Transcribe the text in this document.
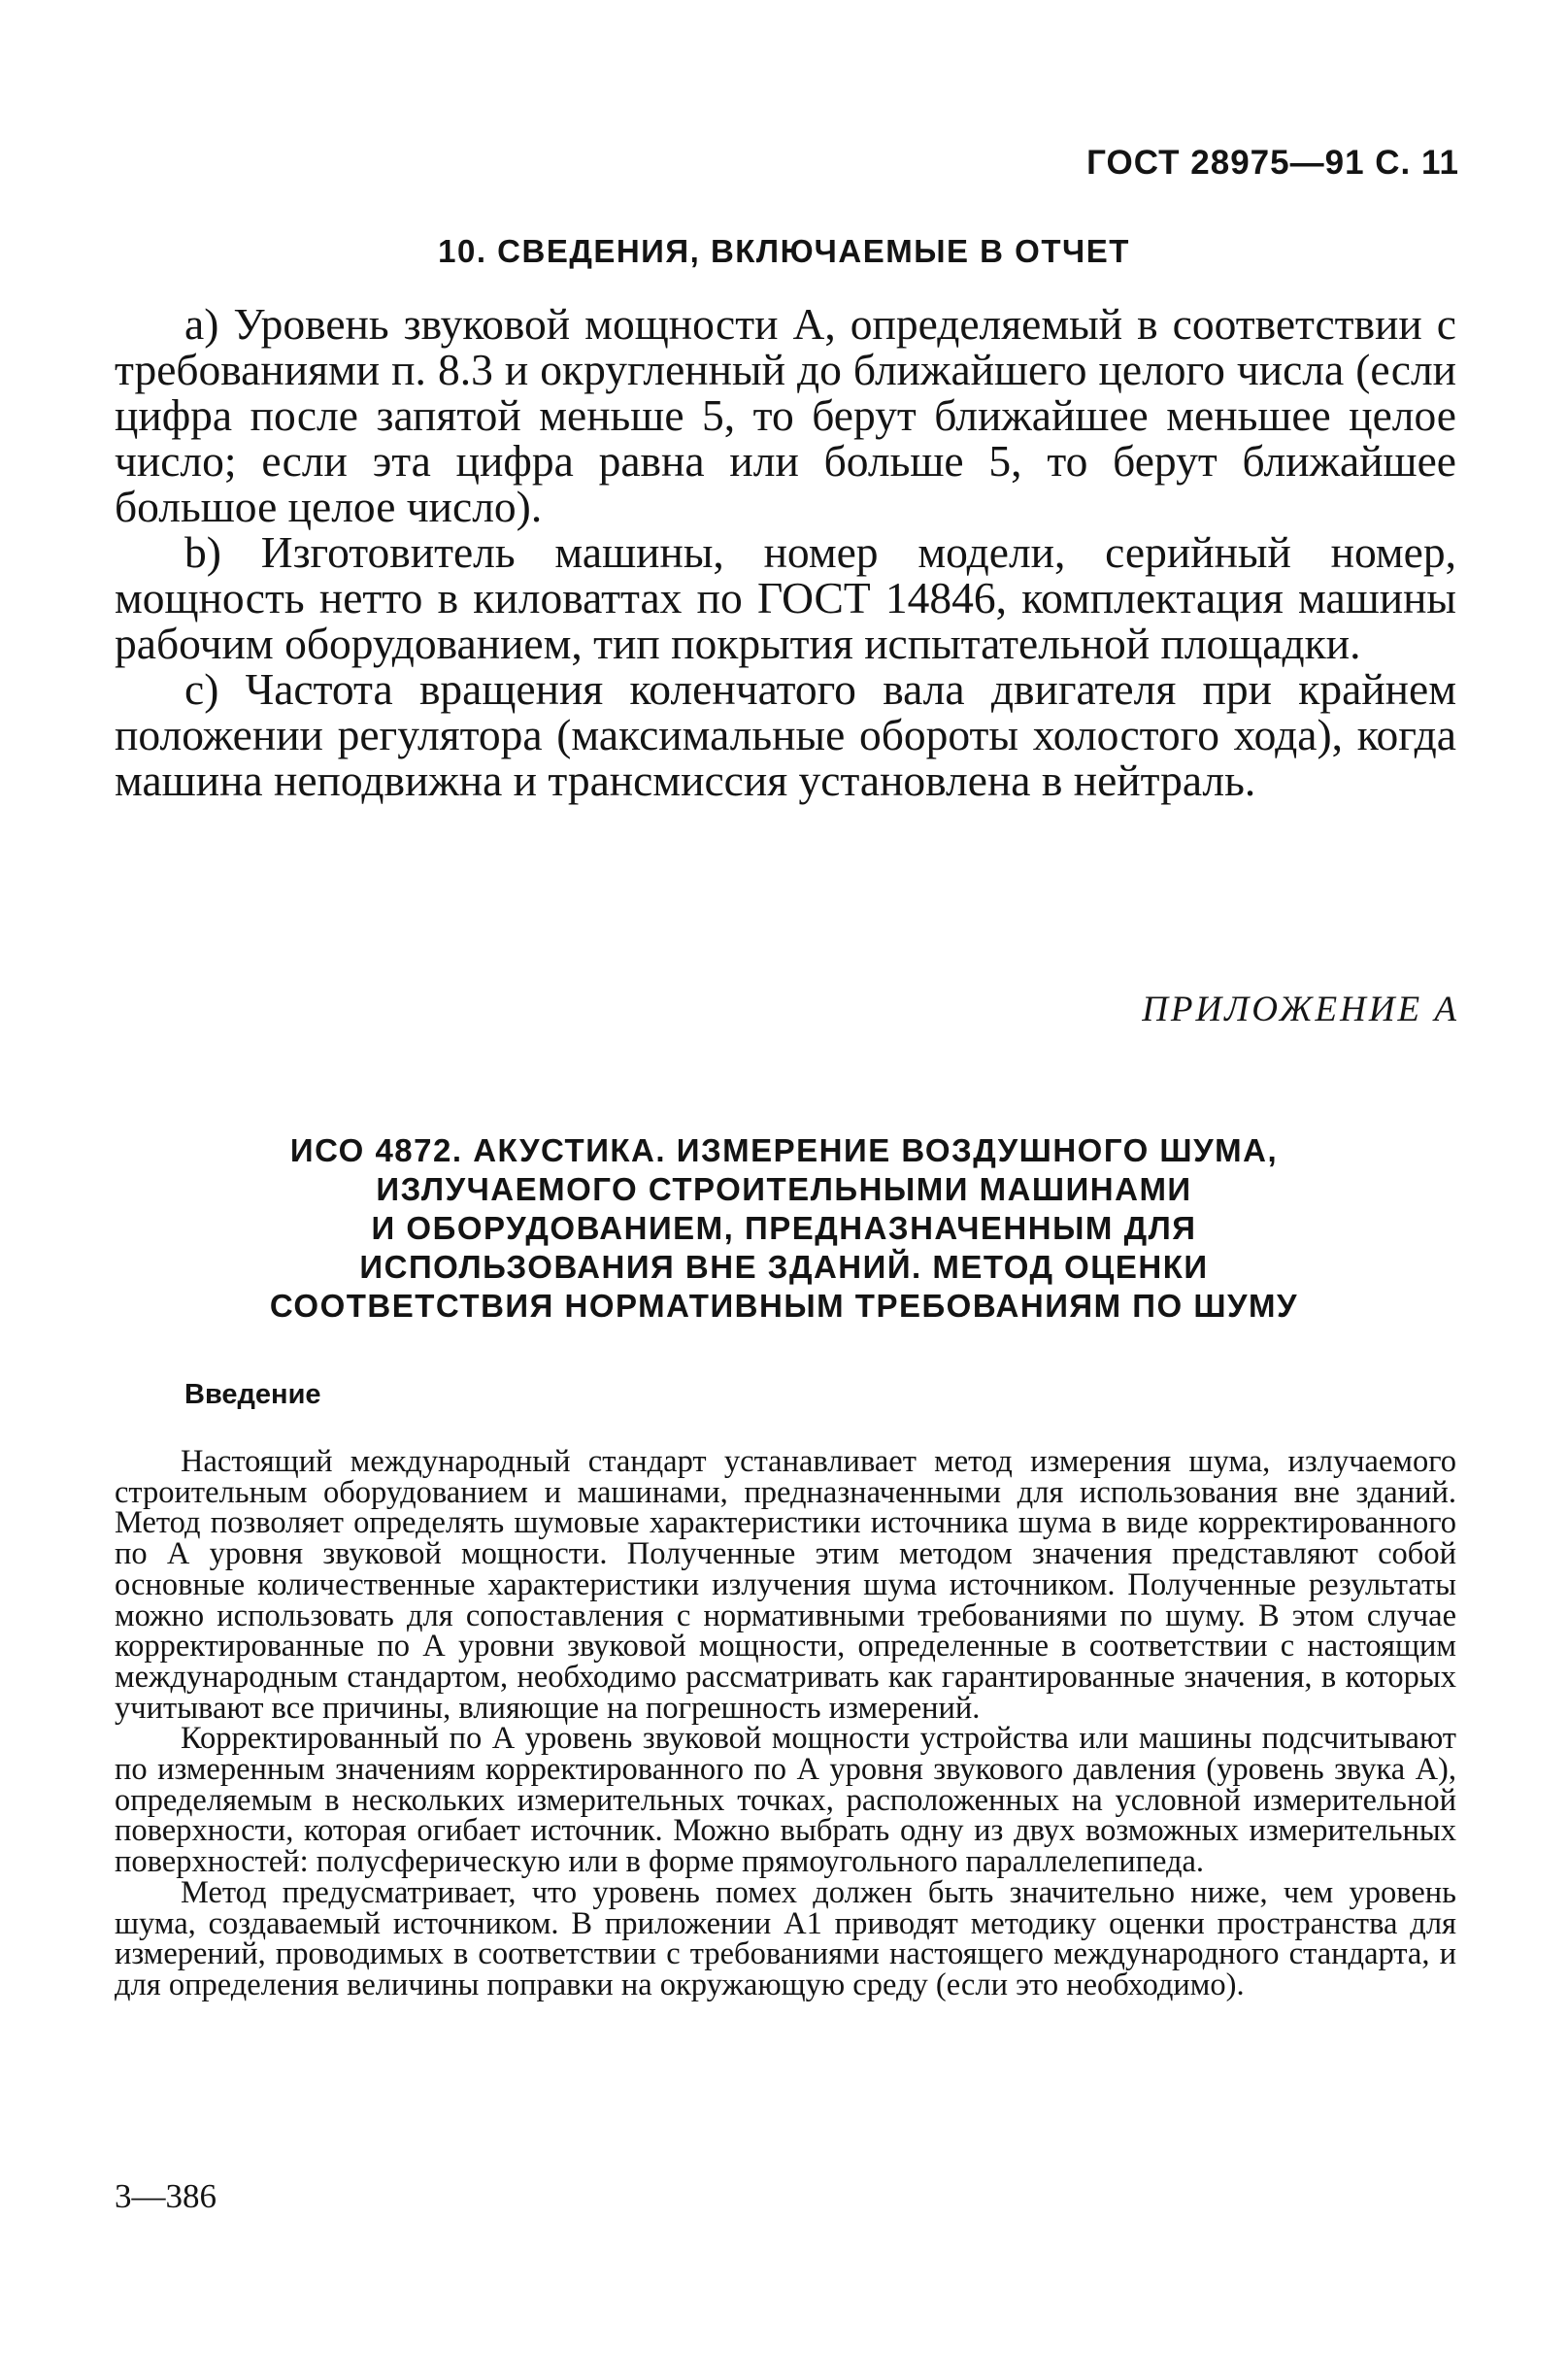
ГОСТ 28975—91 С. 11

10. СВЕДЕНИЯ, ВКЛЮЧАЕМЫЕ В ОТЧЕТ
а) Уровень звуковой мощности А, определяемый в соответствии с требованиями п. 8.3 и округленный до ближайшего целого числа (если цифра после запятой меньше 5, то берут ближайшее меньшее целое число; если эта цифра равна или больше 5, то берут ближайшее большое целое число).
b) Изготовитель машины, номер модели, серийный номер, мощность нетто в киловаттах по ГОСТ 14846, комплектация машины рабочим оборудованием, тип покрытия испытательной площадки.
с) Частота вращения коленчатого вала двигателя при крайнем положении регулятора (максимальные обороты холостого хода), когда машина неподвижна и трансмиссия установлена в нейтраль.

ПРИЛОЖЕНИЕ А

ИСО 4872. АКУСТИКА. ИЗМЕРЕНИЕ ВОЗДУШНОГО ШУМА,
ИЗЛУЧАЕМОГО СТРОИТЕЛЬНЫМИ МАШИНАМИ
И ОБОРУДОВАНИЕМ, ПРЕДНАЗНАЧЕННЫМ ДЛЯ
ИСПОЛЬЗОВАНИЯ ВНЕ ЗДАНИЙ. МЕТОД ОЦЕНКИ
СООТВЕТСТВИЯ НОРМАТИВНЫМ ТРЕБОВАНИЯМ ПО ШУМУ
Введение

Настоящий международный стандарт устанавливает метод измерения шума, излучаемого строительным оборудованием и машинами, предназначенными для использования вне зданий. Метод позволяет определять шумовые характеристики источника шума в виде корректированного по А уровня звуковой мощности. Полученные этим методом значения представляют собой основные количественные характеристики излучения шума источником. Полученные результаты можно использовать для сопоставления с нормативными требованиями по шуму. В этом случае корректированные по А уровни звуковой мощности, определенные в соответствии с настоящим международным стандартом, необходимо рассматривать как гарантированные значения, в которых учитывают все причины, влияющие на погрешность измерений.

Корректированный по А уровень звуковой мощности устройства или машины подсчитывают по измеренным значениям корректированного по А уровня звукового давления (уровень звука А), определяемым в нескольких измерительных точках, расположенных на условной измерительной поверхности, которая огибает источник. Можно выбрать одну из двух возможных измерительных поверхностей: полусферическую или в форме прямоугольного параллелепипеда.

Метод предусматривает, что уровень помех должен быть значительно ниже, чем уровень шума, создаваемый источником. В приложении А1 приводят методику оценки пространства для измерений, проводимых в соответствии с требованиями настоящего международного стандарта, и для определения величины поправки на окружающую среду (если это необходимо).

3—386
